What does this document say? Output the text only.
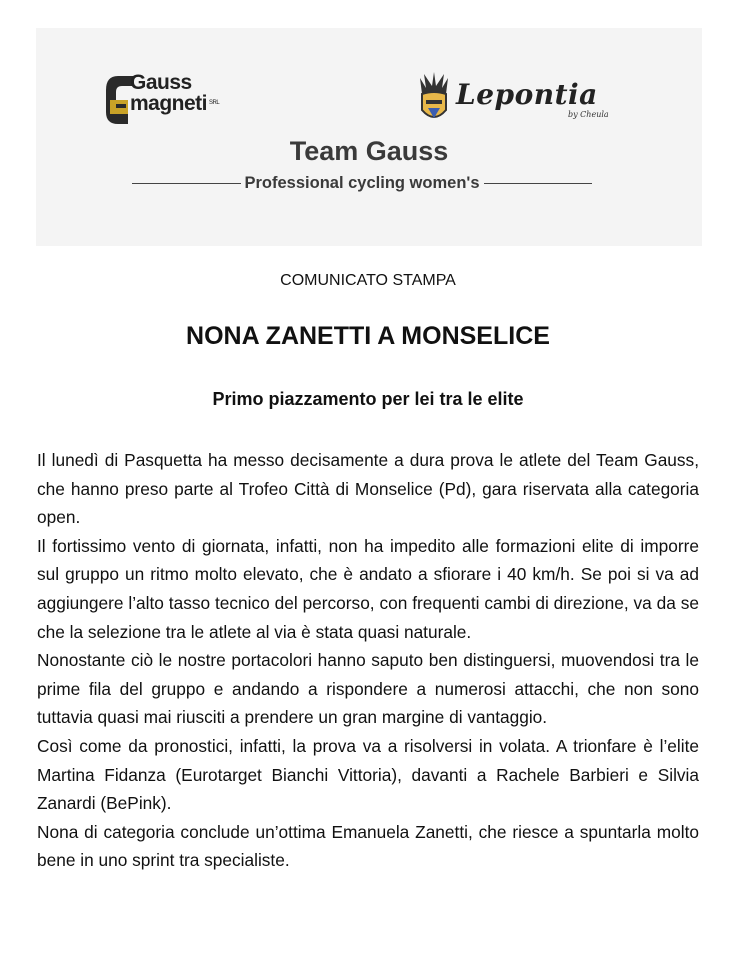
Gauss
magneti SRL	Lepontia
by Cheula
Team Gauss
Professional cycling women's
COMUNICATO STAMPA
NONA ZANETTI A MONSELICE
Primo piazzamento per lei tra le elite

Il lunedì di Pasquetta ha messo decisamente a dura prova le atlete del Team Gauss, che hanno preso parte al Trofeo Città di Monselice (Pd), gara riservata alla categoria open.

Il fortissimo vento di giornata, infatti, non ha impedito alle formazioni elite di imporre sul gruppo un ritmo molto elevato, che è andato a sfiorare i 40 km/h. Se poi si va ad aggiungere l’alto tasso tecnico del percorso, con frequenti cambi di direzione, va da se che la selezione tra le atlete al via è stata quasi naturale.

Nonostante ciò le nostre portacolori hanno saputo ben distinguersi, muovendosi tra le prime fila del gruppo e andando a rispondere a numerosi attacchi, che non sono tuttavia quasi mai riusciti a prendere un gran margine di vantaggio.

Così come da pronostici, infatti, la prova va a risolversi in volata. A trionfare è l’elite Martina Fidanza (Eurotarget Bianchi Vittoria), davanti a Rachele Barbieri e Silvia Zanardi (BePink).

Nona di categoria conclude un’ottima Emanuela Zanetti, che riesce a spuntarla molto bene in uno sprint tra specialiste.
